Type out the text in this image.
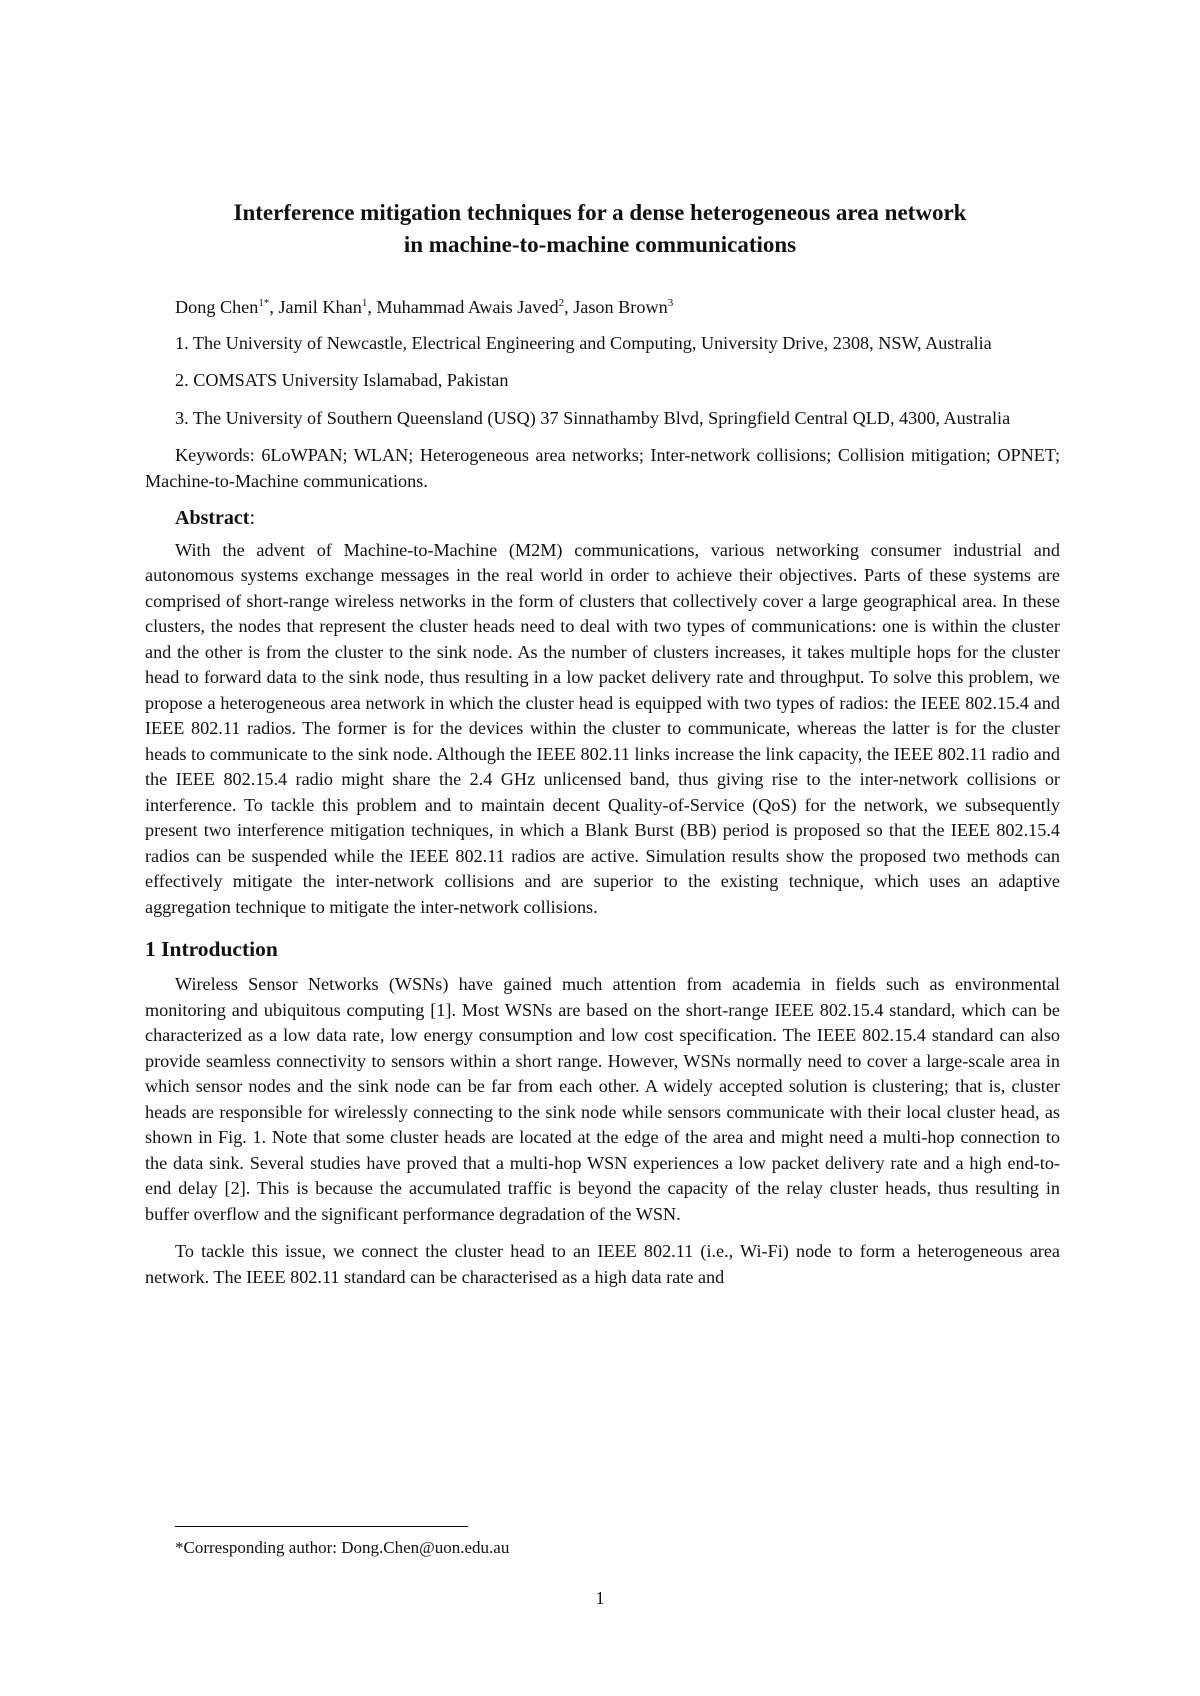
Interference mitigation techniques for a dense heterogeneous area network
in machine-to-machine communications

Dong Chen$^{1*}$, Jamil Khan$^1$, Muhammad Awais Javed$^2$, Jason Brown$^3$

1. The University of Newcastle, Electrical Engineering and Computing, University Drive, 2308, NSW, Australia

2. COMSATS University Islamabad, Pakistan

3. The University of Southern Queensland (USQ) 37 Sinnathamby Blvd, Springfield Central QLD, 4300, Australia

Keywords: 6LoWPAN; WLAN; Heterogeneous area networks; Inter-network collisions; Collision mitigation; OPNET; Machine-to-Machine communications.

Abstract:

With the advent of Machine-to-Machine (M2M) communications, various networking consumer industrial and autonomous systems exchange messages in the real world in order to achieve their objectives. Parts of these systems are comprised of short-range wireless networks in the form of clusters that collectively cover a large geographical area. In these clusters, the nodes that represent the cluster heads need to deal with two types of communications: one is within the cluster and the other is from the cluster to the sink node. As the number of clusters increases, it takes multiple hops for the cluster head to forward data to the sink node, thus resulting in a low packet delivery rate and throughput. To solve this problem, we propose a heterogeneous area network in which the cluster head is equipped with two types of radios: the IEEE 802.15.4 and IEEE 802.11 radios. The former is for the devices within the cluster to communicate, whereas the latter is for the cluster heads to communicate to the sink node. Although the IEEE 802.11 links increase the link capacity, the IEEE 802.11 radio and the IEEE 802.15.4 radio might share the 2.4 GHz unlicensed band, thus giving rise to the inter-network collisions or interference. To tackle this problem and to maintain decent Quality-of-Service (QoS) for the network, we subsequently present two interference mitigation techniques, in which a Blank Burst (BB) period is proposed so that the IEEE 802.15.4 radios can be suspended while the IEEE 802.11 radios are active. Simulation results show the proposed two methods can effectively mitigate the inter-network collisions and are superior to the existing technique, which uses an adaptive aggregation technique to mitigate the inter-network collisions.

1 Introduction

Wireless Sensor Networks (WSNs) have gained much attention from academia in fields such as environmental monitoring and ubiquitous computing [1]. Most WSNs are based on the short-range IEEE 802.15.4 standard, which can be characterized as a low data rate, low energy consumption and low cost specification. The IEEE 802.15.4 standard can also provide seamless connectivity to sensors within a short range. However, WSNs normally need to cover a large-scale area in which sensor nodes and the sink node can be far from each other. A widely accepted solution is clustering; that is, cluster heads are responsible for wirelessly connecting to the sink node while sensors communicate with their local cluster head, as shown in Fig. 1. Note that some cluster heads are located at the edge of the area and might need a multi-hop connection to the data sink. Several studies have proved that a multi-hop WSN experiences a low packet delivery rate and a high end-to-end delay [2]. This is because the accumulated traffic is beyond the capacity of the relay cluster heads, thus resulting in buffer overflow and the significant performance degradation of the WSN.

To tackle this issue, we connect the cluster head to an IEEE 802.11 (i.e., Wi-Fi) node to form a heterogeneous area network. The IEEE 802.11 standard can be characterised as a high data rate and

*Corresponding author: Dong.Chen@uon.edu.au
1
